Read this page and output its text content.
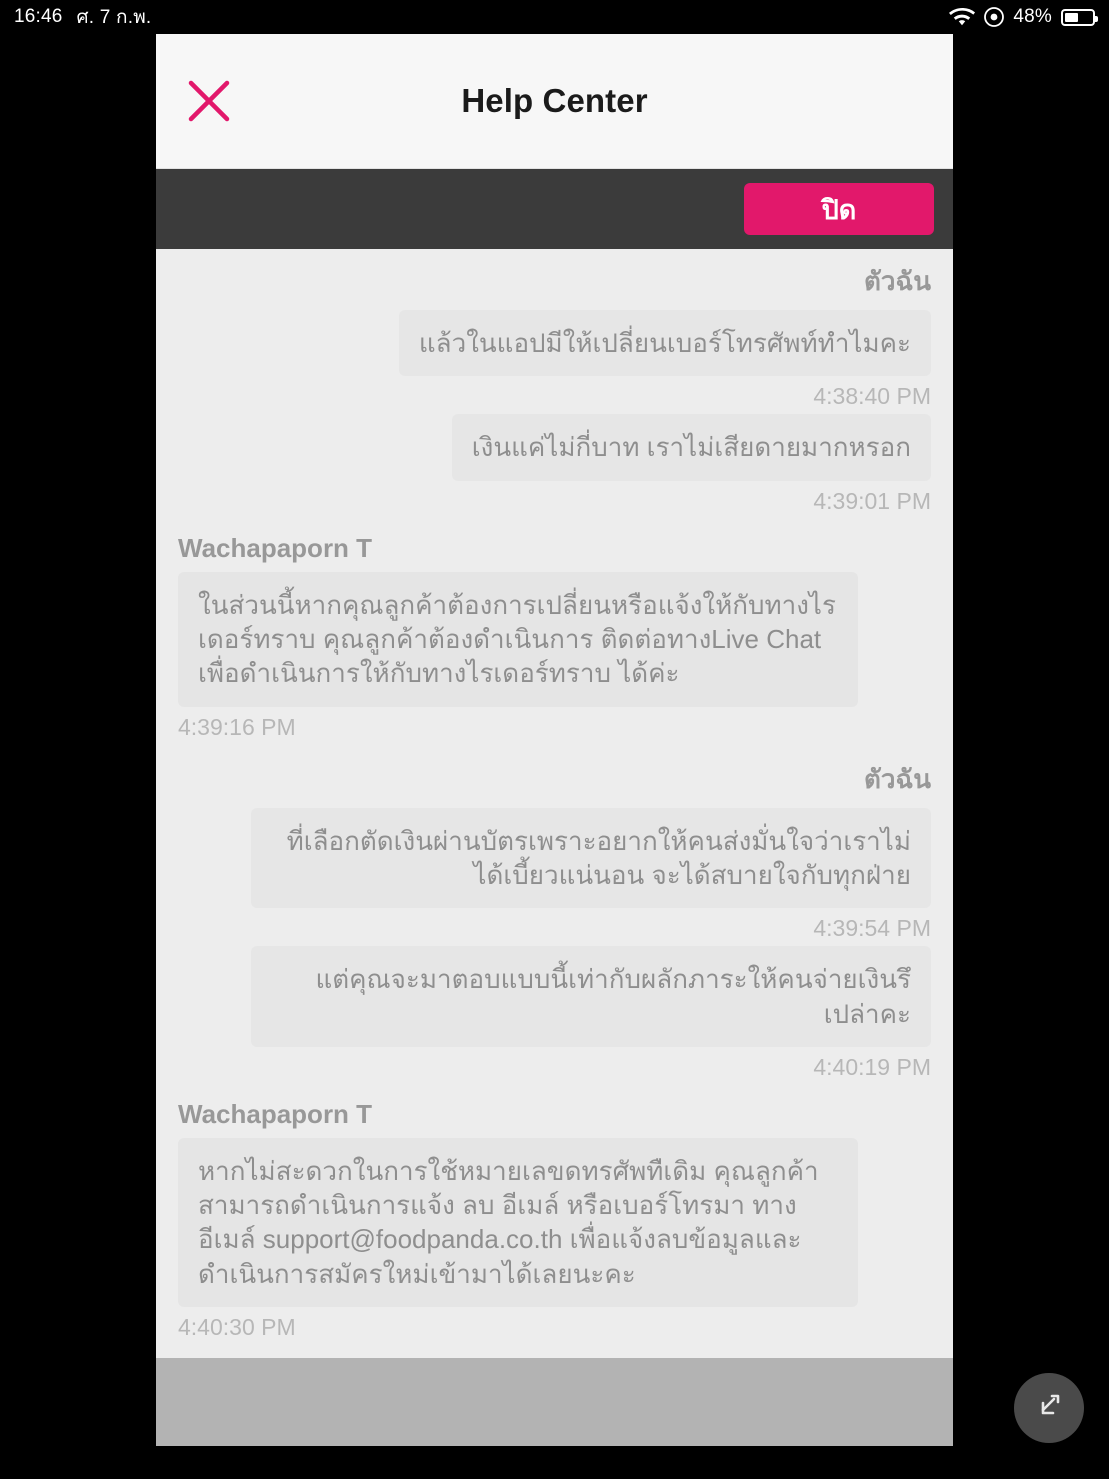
16:46 ศ. 7 ก.พ.	48%
Help Center
ปิด
ตัวฉัน
แล้วในแอปมีให้เปลี่ยนเบอร์โทรศัพท์ทำไมคะ
4:38:40 PM
เงินแค่ไม่กี่บาท เราไม่เสียดายมากหรอก
4:39:01 PM
Wachapaporn T
ในส่วนนี้หากคุณลูกค้าต้องการเปลี่ยนหรือแจ้งให้กับทางไรเดอร์ทราบ คุณลูกค้าต้องดำเนินการ ติดต่อทางLive Chat เพื่อดำเนินการให้กับทางไรเดอร์ทราบ ได้ค่ะ
4:39:16 PM
ตัวฉัน
ที่เลือกตัดเงินผ่านบัตรเพราะอยากให้คนส่งมั่นใจว่าเราไม่ได้เบี้ยวแน่นอน จะได้สบายใจกับทุกฝ่าย
4:39:54 PM
แต่คุณจะมาตอบแบบนี้เท่ากับผลักภาระให้คนจ่ายเงินรึเปล่าคะ
4:40:19 PM
Wachapaporn T
หากไม่สะดวกในการใช้หมายเลขดทรศัพทืเดิม คุณลูกค้าสามารถดำเนินการแจ้ง ลบ อีเมล์ หรือเบอร์โทรมา ทางอีเมล์ support@foodpanda.co.th เพื่อแจ้งลบข้อมูลและดำเนินการสมัครใหม่เข้ามาได้เลยนะคะ
4:40:30 PM
